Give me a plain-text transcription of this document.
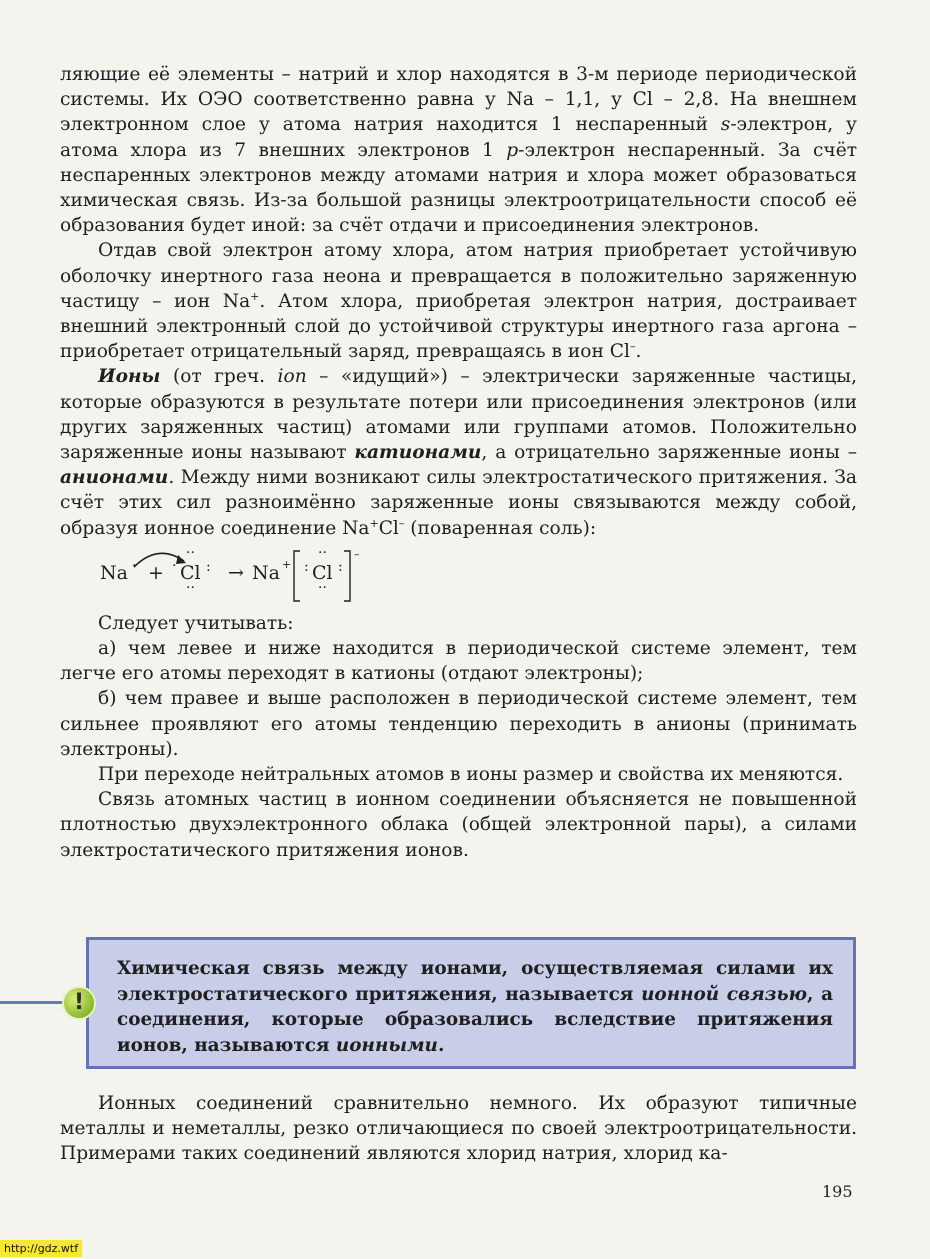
ляющие её элементы – натрий и хлор находятся в 3-м периоде периодической системы. Их ОЭО соответственно равна у Na – 1,1, у Cl – 2,8. На внешнем электронном слое у атома натрия находится 1 неспаренный s-электрон, у атома хлора из 7 внешних электронов 1 p-электрон неспаренный. За счёт неспаренных электронов между атомами натрия и хлора может образоваться химическая связь. Из-за большой разницы электроотрицательности способ её образования будет иной: за счёт отдачи и присоединения электронов.

Отдав свой электрон атому хлора, атом натрия приобретает устойчивую оболочку инертного газа неона и превращается в положительно заряженную частицу – ион Na+. Атом хлора, приобретая электрон натрия, достраивает внешний электронный слой до устойчивой структуры инертного газа аргона – приобретает отрицательный заряд, превращаясь в ион Cl–.

Ионы (от греч. ion – «идущий») – электрически заряженные частицы, которые образуются в результате потери или присоединения электронов (или других заряженных частиц) атомами или группами атомов. Положительно заряженные ионы называют катионами, а отрицательно заряженные ионы – анионами. Между ними возникают силы электростатического притяжения. За счёт этих сил разноимённо заряженные ионы связываются между собой, образуя ионное соединение Na+Cl– (поваренная соль):

Na · + ·
··
Cl
··
: → Na + :
··
Cl
··
:
–

Следует учитывать:

а) чем левее и ниже находится в периодической системе элемент, тем легче его атомы переходят в катионы (отдают электроны);

б) чем правее и выше расположен в периодической системе элемент, тем сильнее проявляют его атомы тенденцию переходить в анионы (принимать электроны).

При переходе нейтральных атомов в ионы размер и свойства их меняются.

Связь атомных частиц в ионном соединении объясняется не повышенной плотностью двухэлектронного облака (общей электронной пары), а силами электростатического притяжения ионов.

Химическая связь между ионами, осуществляемая силами их электростатического притяжения, называется ионной связью, а соединения, которые образовались вследствие притяжения ионов, называются ионными.
!

Ионных соединений сравнительно немного. Их образуют типичные металлы и неметаллы, резко отличающиеся по своей электроотрицательности. Примерами таких соединений являются хлорид натрия, хлорид ка-

195
http://gdz.wtf
